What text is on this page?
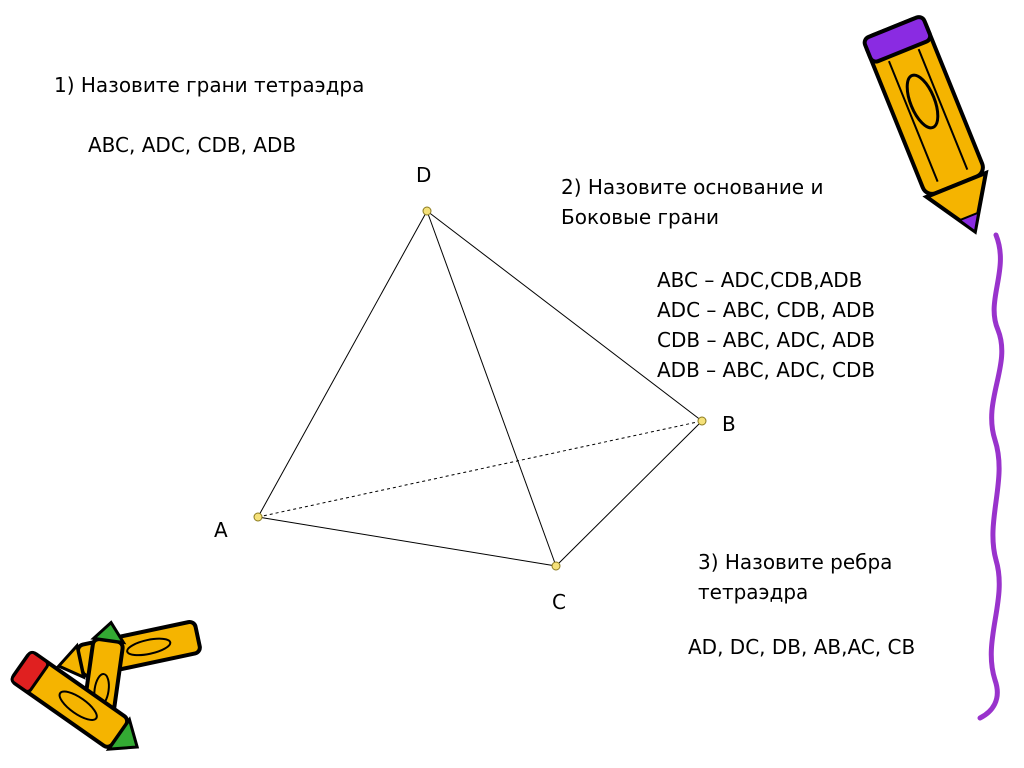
D
B
A
C

1) Назовите грани тетраэдра

ABC, ADC, CDB, ADB

2) Назовите основание и

Боковые грани

ABC – ADC,CDB,ADB

ADC – ABC, CDB, ADB

CDB – ABC, ADC, ADB

ADB – ABC, ADC, CDB

3) Назовите ребра

тетраэдра

AD, DC, DB, AB,AC, CB
